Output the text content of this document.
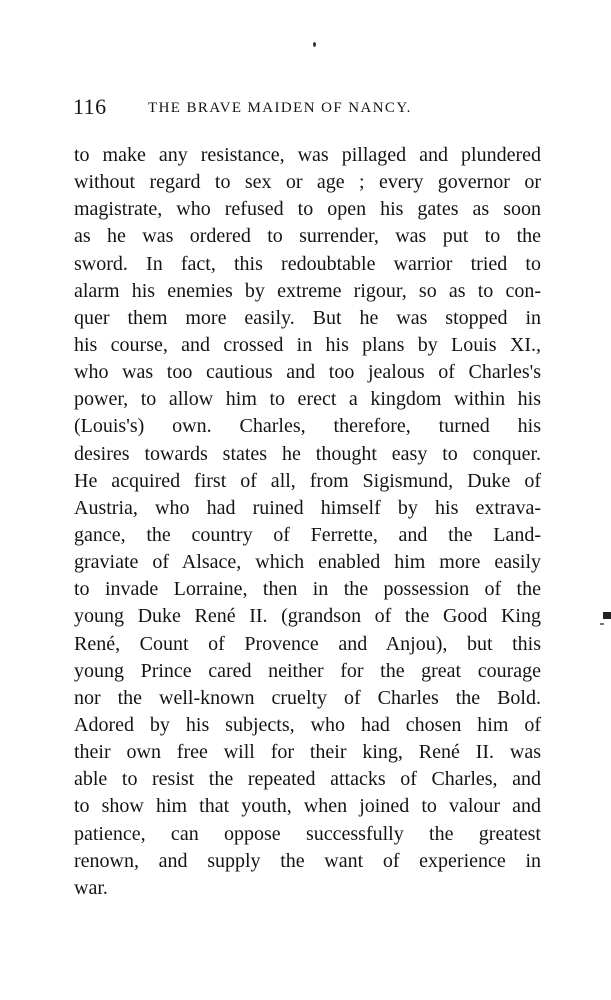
116	THE BRAVE MAIDEN OF NANCY.
to make any resistance, was pillaged and plundered
without regard to sex or age ; every governor or
magistrate, who refused to open his gates as soon
as he was ordered to surrender, was put to the
sword. In fact, this redoubtable warrior tried to
alarm his enemies by extreme rigour, so as to con-
quer them more easily. But he was stopped in
his course, and crossed in his plans by Louis XI.,
who was too cautious and too jealous of Charles's
power, to allow him to erect a kingdom within his
(Louis's) own. Charles, therefore, turned his
desires towards states he thought easy to conquer.
He acquired first of all, from Sigismund, Duke of
Austria, who had ruined himself by his extrava-
gance, the country of Ferrette, and the Land-
graviate of Alsace, which enabled him more easily
to invade Lorraine, then in the possession of the
young Duke René II. (grandson of the Good King
René, Count of Provence and Anjou), but this
young Prince cared neither for the great courage
nor the well-known cruelty of Charles the Bold.
Adored by his subjects, who had chosen him of
their own free will for their king, René II. was
able to resist the repeated attacks of Charles, and
to show him that youth, when joined to valour and
patience, can oppose successfully the greatest
renown, and supply the want of experience in
war.
